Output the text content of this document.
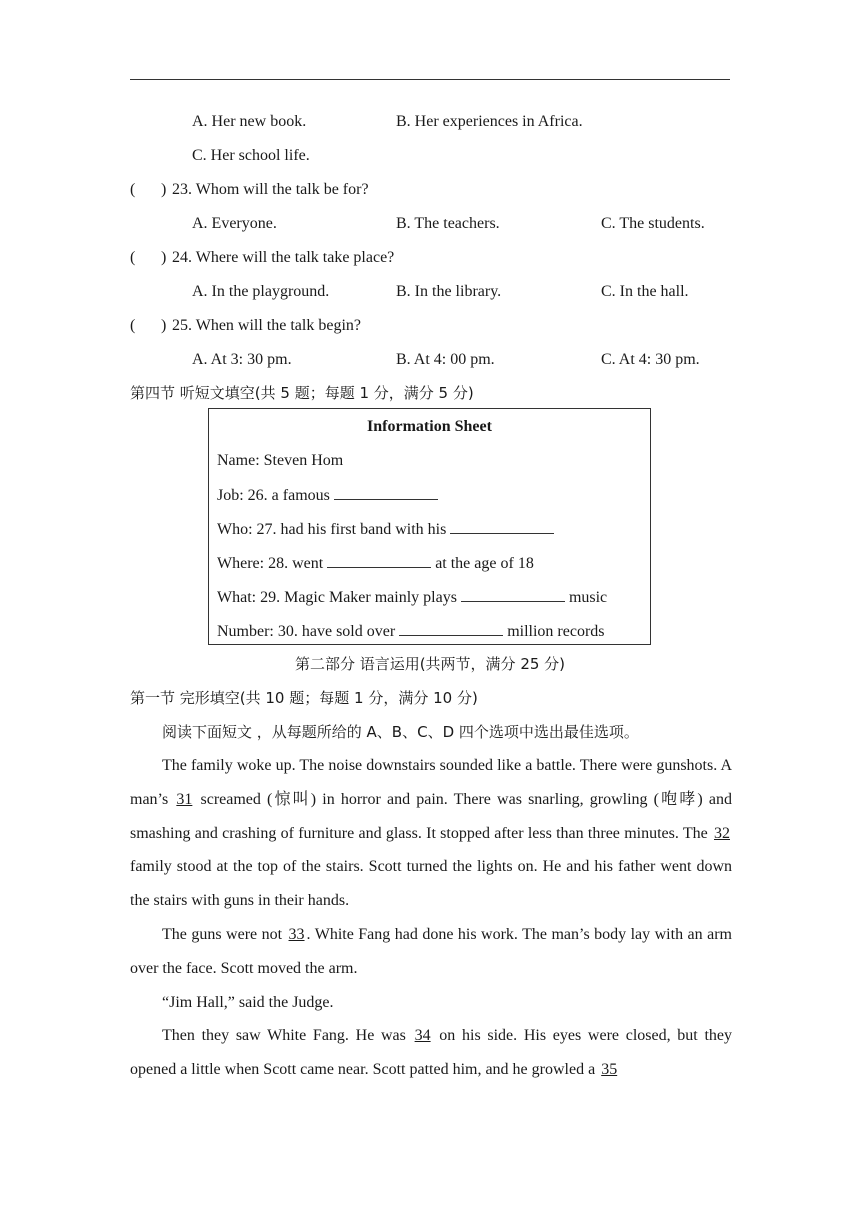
A. Her new book.	B. Her experiences in Africa.
C. Her school life.
( ) 23. Whom will the talk be for?
A. Everyone.	B. The teachers.	C. The students.
( ) 24. Where will the talk take place?
A. In the playground.	B. In the library.	C. In the hall.
( ) 25. When will the talk begin?
A. At 3: 30 pm.	B. At 4: 00 pm.	C. At 4: 30 pm.
第四节 听短文填空(共 5 题；每题 1 分，满分 5 分)
Information Sheet
Name: Steven Hom
Job: 26. a famous
Who: 27. had his first band with his
Where: 28. went	at the age of 18
What: 29. Magic Maker mainly plays	music
Number: 30. have sold over	million records
第二部分 语言运用(共两节，满分 25 分)
第一节 完形填空(共 10 题；每题 1 分，满分 10 分)
阅读下面短文 ，从每题所给的 A、B、C、D 四个选项中选出最佳选项。

The family woke up. The noise downstairs sounded like a battle. There were gunshots. A man’s 31 screamed (惊叫) in horror and pain. There was snarling, growling (咆哮) and smashing and crashing of furniture and glass. It stopped after less than three minutes. The 32 family stood at the top of the stairs. Scott turned the lights on. He and his father went down the stairs with guns in their hands.

The guns were not 33 . White Fang had done his work. The man’s body lay with an arm over the face. Scott moved the arm.

“Jim Hall,” said the Judge.

Then they saw White Fang. He was 34 on his side. His eyes were closed, but they opened a little when Scott came near. Scott patted him, and he growled a 35
